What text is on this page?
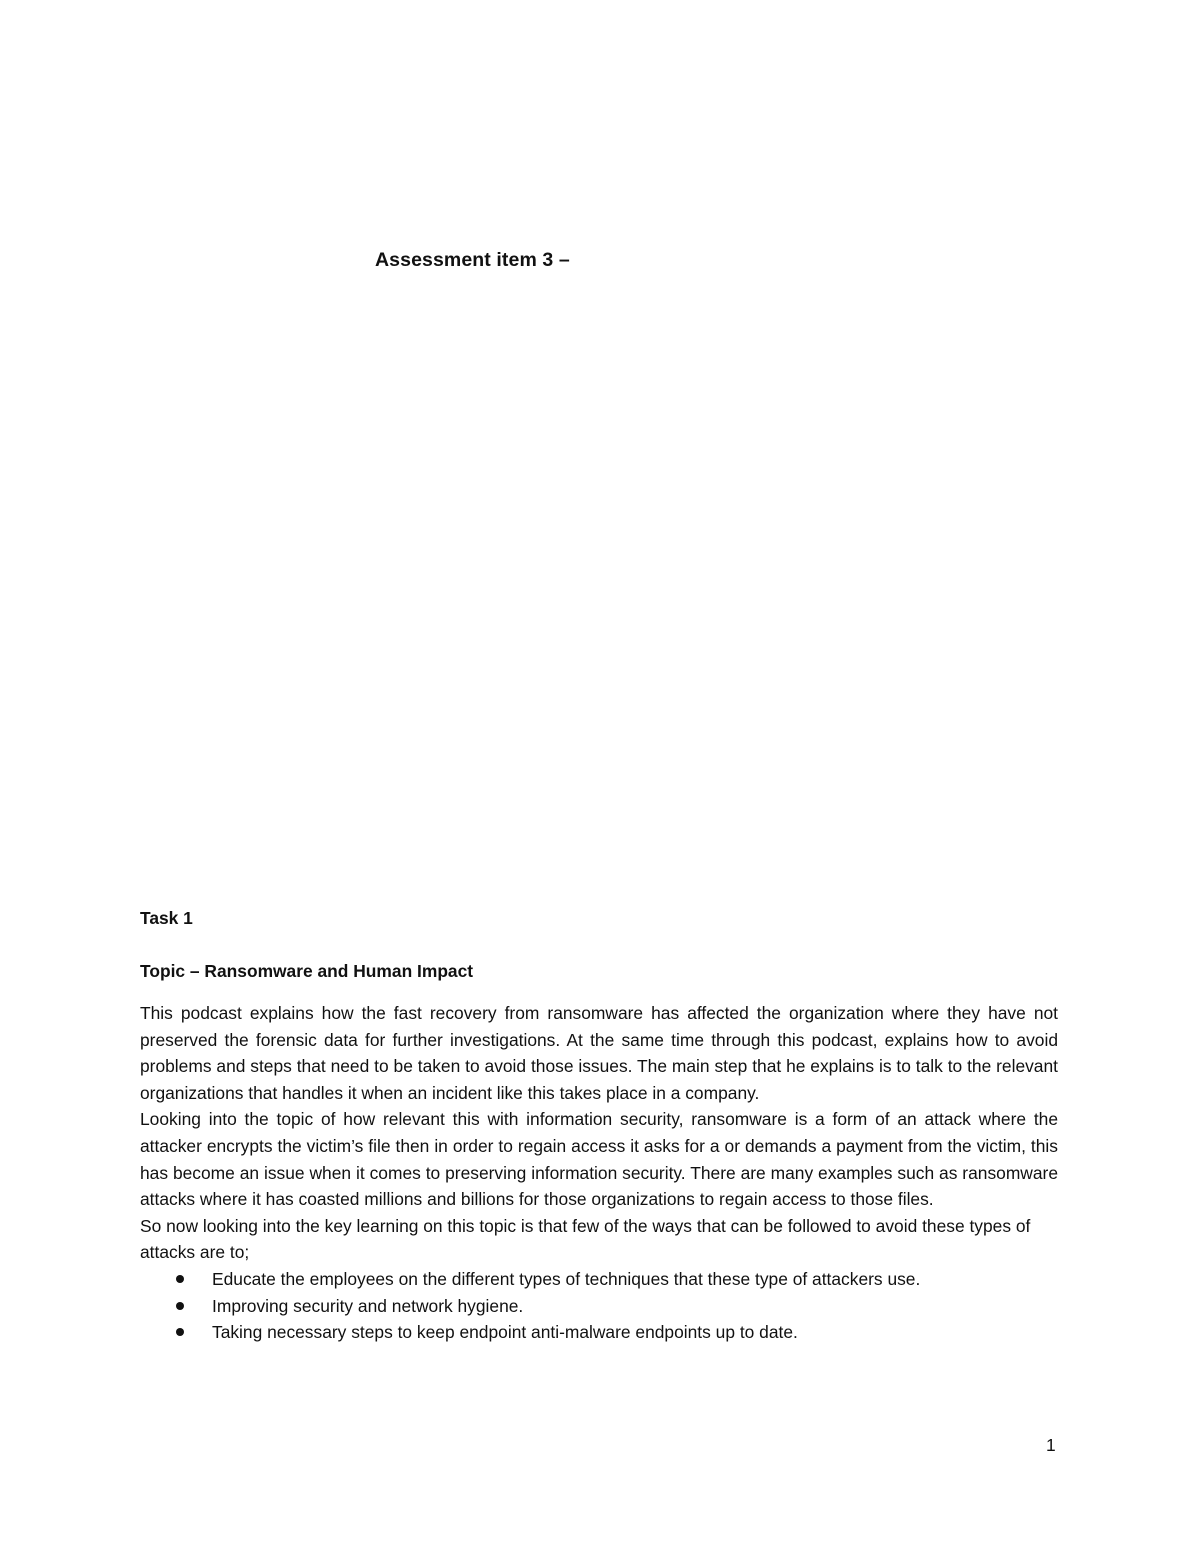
Assessment item 3 –
Task 1
Topic – Ransomware and Human Impact

This podcast explains how the fast recovery from ransomware has affected the organization where they have not preserved the forensic data for further investigations. At the same time through this podcast, explains how to avoid problems and steps that need to be taken to avoid those issues. The main step that he explains is to talk to the relevant organizations that handles it when an incident like this takes place in a company.

Looking into the topic of how relevant this with information security, ransomware is a form of an attack where the attacker encrypts the victim’s file then in order to regain access it asks for a or demands a payment from the victim, this has become an issue when it comes to preserving information security. There are many examples such as ransomware attacks where it has coasted millions and billions for those organizations to regain access to those files.

So now looking into the key learning on this topic is that few of the ways that can be followed to avoid these types of attacks are to;

Educate the employees on the different types of techniques that these type of attackers use.
Improving security and network hygiene.
Taking necessary steps to keep endpoint anti-malware endpoints up to date.
1
